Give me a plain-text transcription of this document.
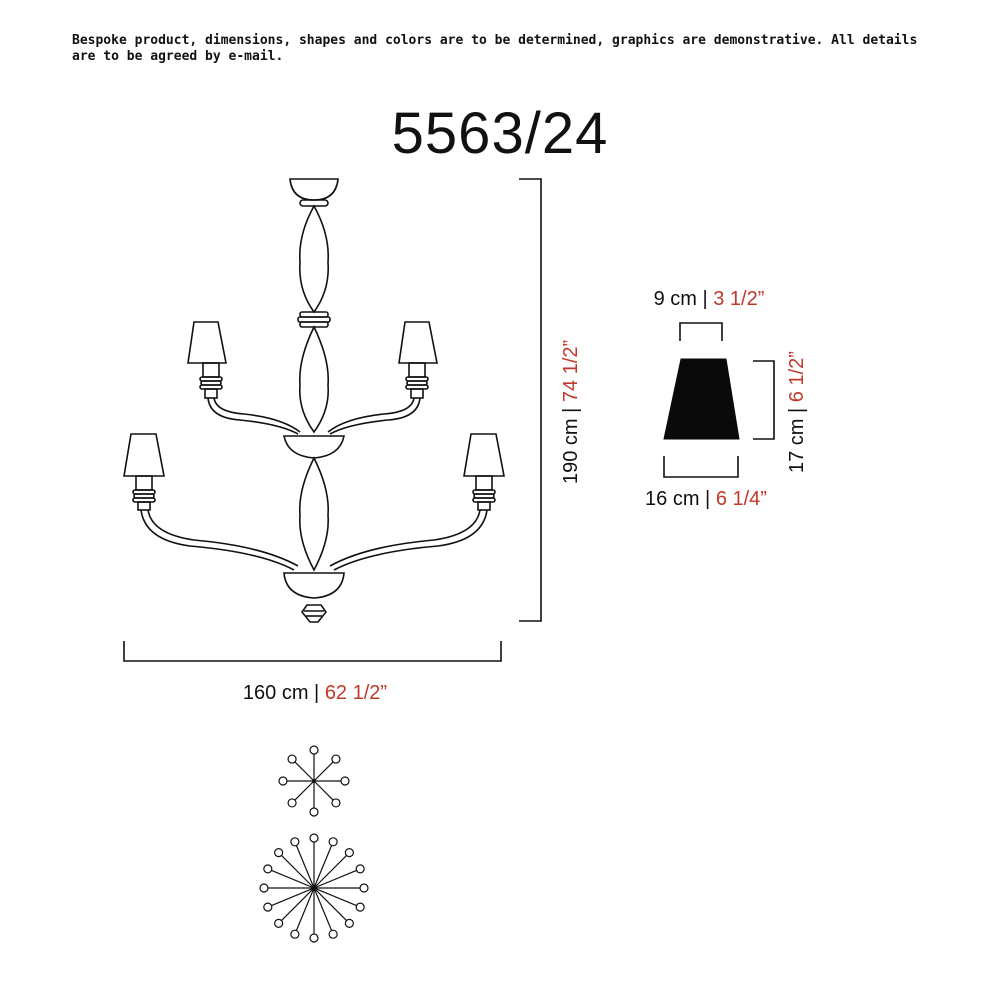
Bespoke product, dimensions, shapes and colors are to be determined, graphics are demonstrative. All details are to be agreed by e-mail.
5563/24
190 cm | 74 1/2”
160 cm | 62 1/2”
9 cm | 3 1/2”
17 cm | 6 1/2”
16 cm | 6 1/4”
